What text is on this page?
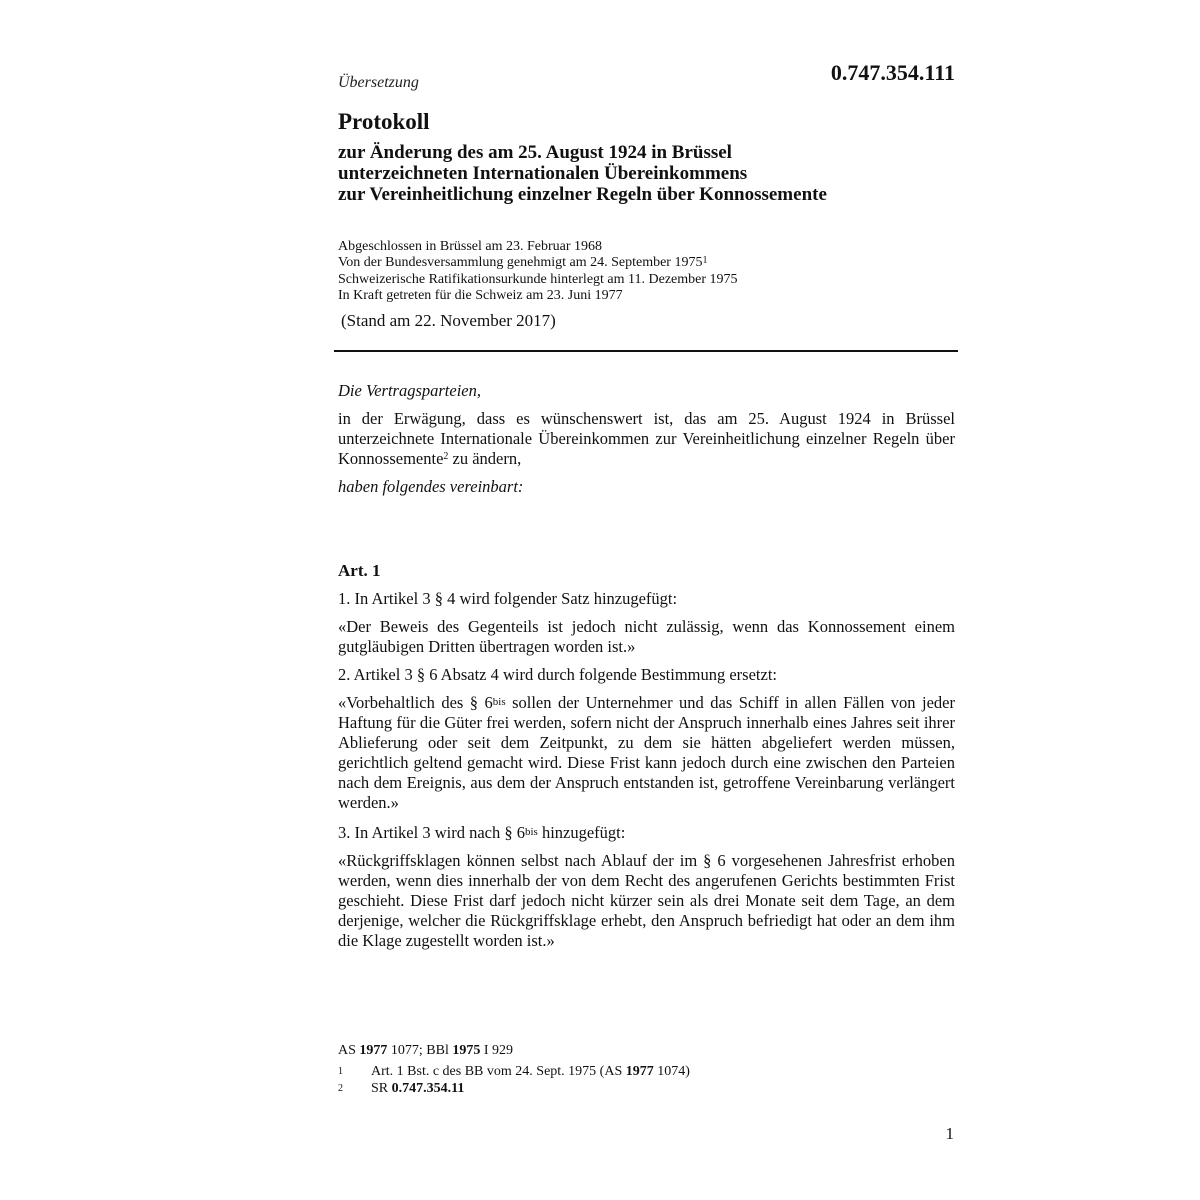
Übersetzung	0.747.354.111
Protokoll
zur Änderung des am 25. August 1924 in Brüssel
unterzeichneten Internationalen Übereinkommens
zur Vereinheitlichung einzelner Regeln über Konnossemente
Abgeschlossen in Brüssel am 23. Februar 1968
Von der Bundesversammlung genehmigt am 24. September 1975$^1$
Schweizerische Ratifikationsurkunde hinterlegt am 11. Dezember 1975
In Kraft getreten für die Schweiz am 23. Juni 1977
(Stand am 22. November 2017)
Die Vertragsparteien,
in der Erwägung, dass es wünschenswert ist, das am 25. August 1924 in Brüssel unterzeichnete Internationale Übereinkommen zur Vereinheitlichung einzelner Regeln über Konnossemente$^2$ zu ändern,
haben folgendes vereinbart:
Art. 1
1. In Artikel 3 § 4 wird folgender Satz hinzugefügt:
«Der Beweis des Gegenteils ist jedoch nicht zulässig, wenn das Konnossement einem gutgläubigen Dritten übertragen worden ist.»
2. Artikel 3 § 6 Absatz 4 wird durch folgende Bestimmung ersetzt:
«Vorbehaltlich des § $6^{bis}$ sollen der Unternehmer und das Schiff in allen Fällen von jeder Haftung für die Güter frei werden, sofern nicht der Anspruch innerhalb eines Jahres seit ihrer Ablieferung oder seit dem Zeitpunkt, zu dem sie hätten abgeliefert werden müssen, gerichtlich geltend gemacht wird. Diese Frist kann jedoch durch eine zwischen den Parteien nach dem Ereignis, aus dem der Anspruch entstanden ist, getroffene Vereinbarung verlängert werden.»
3. In Artikel 3 wird nach § $6^{bis}$ hinzugefügt:
«Rückgriffsklagen können selbst nach Ablauf der im § 6 vorgesehenen Jahresfrist erhoben werden, wenn dies innerhalb der von dem Recht des angerufenen Gerichts bestimmten Frist geschieht. Diese Frist darf jedoch nicht kürzer sein als drei Monate seit dem Tage, an dem derjenige, welcher die Rückgriffsklage erhebt, den Anspruch befriedigt hat oder an dem ihm die Klage zugestellt worden ist.»
AS 1977 1077; BBl 1975 I 929
1 Art. 1 Bst. c des BB vom 24. Sept. 1975 (AS 1977 1074)
2 SR 0.747.354.11
1
